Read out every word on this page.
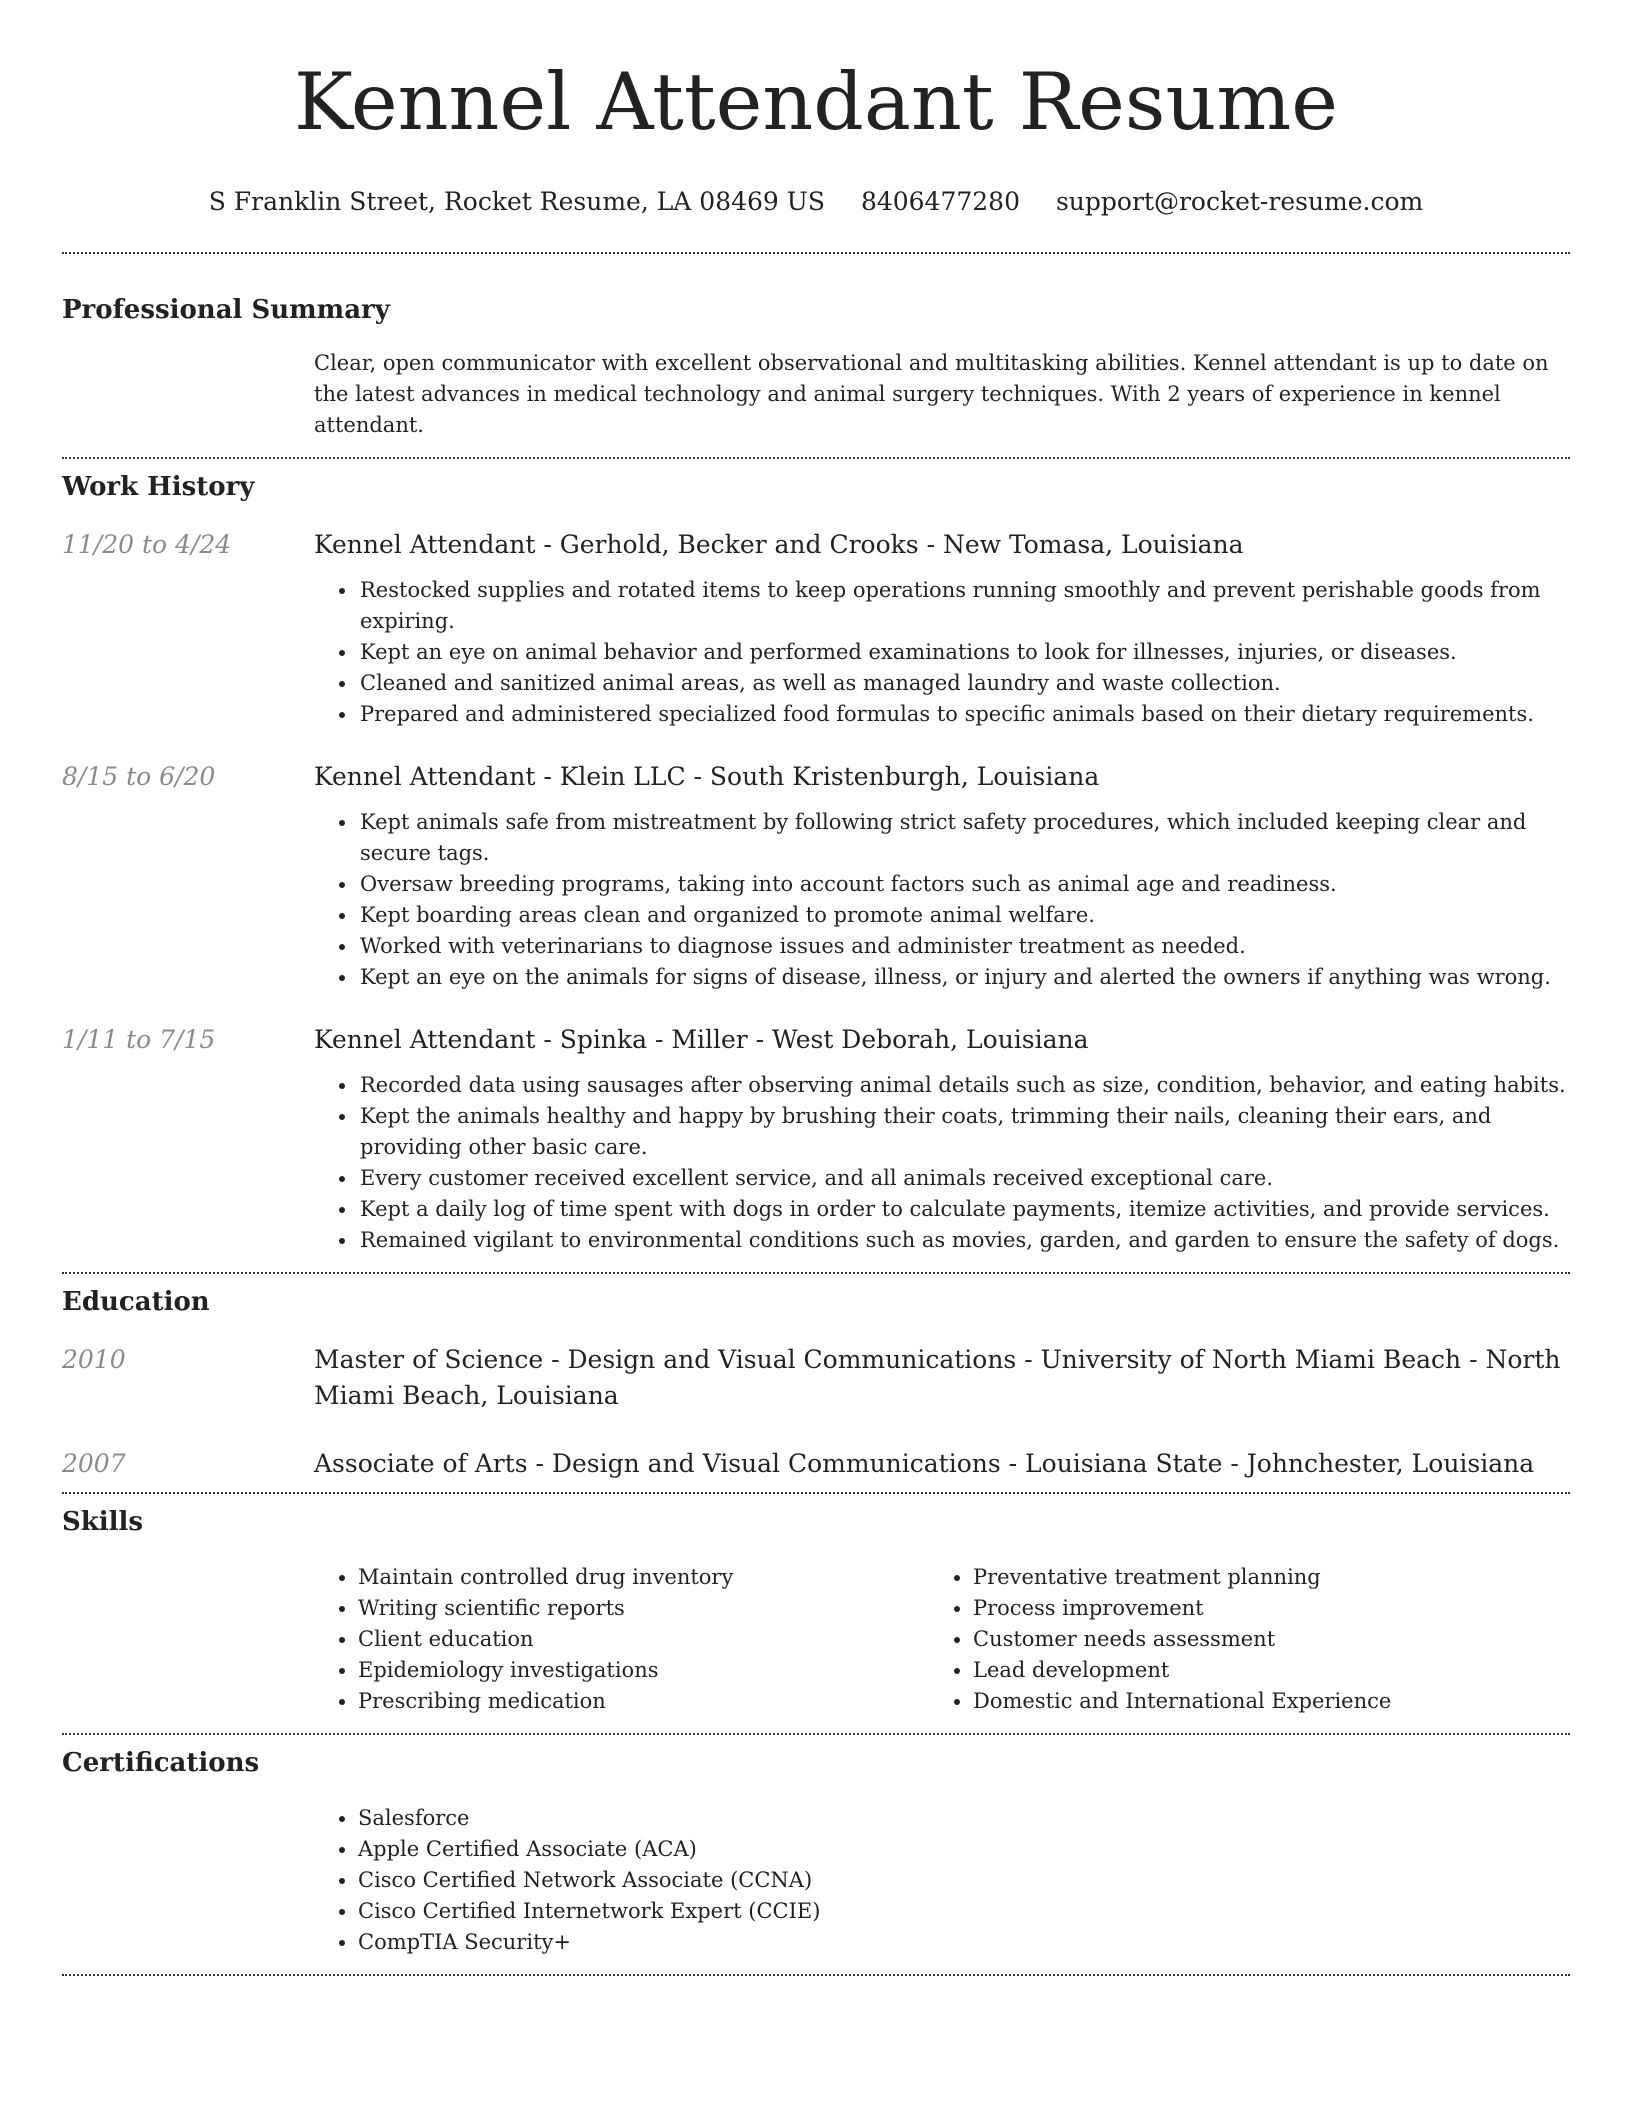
Kennel Attendant Resume
S Franklin Street, Rocket Resume, LA 08469 US 8406477280 support@rocket-resume.com
Professional Summary
Clear, open communicator with excellent observational and multitasking abilities. Kennel attendant is up to date on the latest advances in medical technology and animal surgery techniques. With 2 years of experience in kennel attendant.
Work History
11/20 to 4/24	Kennel Attendant - Gerhold, Becker and Crooks - New Tomasa, Louisiana
• Restocked supplies and rotated items to keep operations running smoothly and prevent perishable goods from expiring.
• Kept an eye on animal behavior and performed examinations to look for illnesses, injuries, or diseases.
• Cleaned and sanitized animal areas, as well as managed laundry and waste collection.
• Prepared and administered specialized food formulas to specific animals based on their dietary requirements.
8/15 to 6/20	Kennel Attendant - Klein LLC - South Kristenburgh, Louisiana
• Kept animals safe from mistreatment by following strict safety procedures, which included keeping clear and secure tags.
• Oversaw breeding programs, taking into account factors such as animal age and readiness.
• Kept boarding areas clean and organized to promote animal welfare.
• Worked with veterinarians to diagnose issues and administer treatment as needed.
• Kept an eye on the animals for signs of disease, illness, or injury and alerted the owners if anything was wrong.
1/11 to 7/15	Kennel Attendant - Spinka - Miller - West Deborah, Louisiana
• Recorded data using sausages after observing animal details such as size, condition, behavior, and eating habits.
• Kept the animals healthy and happy by brushing their coats, trimming their nails, cleaning their ears, and providing other basic care.
• Every customer received excellent service, and all animals received exceptional care.
• Kept a daily log of time spent with dogs in order to calculate payments, itemize activities, and provide services.
• Remained vigilant to environmental conditions such as movies, garden, and garden to ensure the safety of dogs.
Education
2010	Master of Science - Design and Visual Communications - University of North Miami Beach - North Miami Beach, Louisiana
2007	Associate of Arts - Design and Visual Communications - Louisiana State - Johnchester, Louisiana
Skills
• Maintain controlled drug inventory
• Writing scientific reports
• Client education
• Epidemiology investigations
• Prescribing medication
• Preventative treatment planning
• Process improvement
• Customer needs assessment
• Lead development
• Domestic and International Experience
Certifications
• Salesforce
• Apple Certified Associate (ACA)
• Cisco Certified Network Associate (CCNA)
• Cisco Certified Internetwork Expert (CCIE)
• CompTIA Security+
